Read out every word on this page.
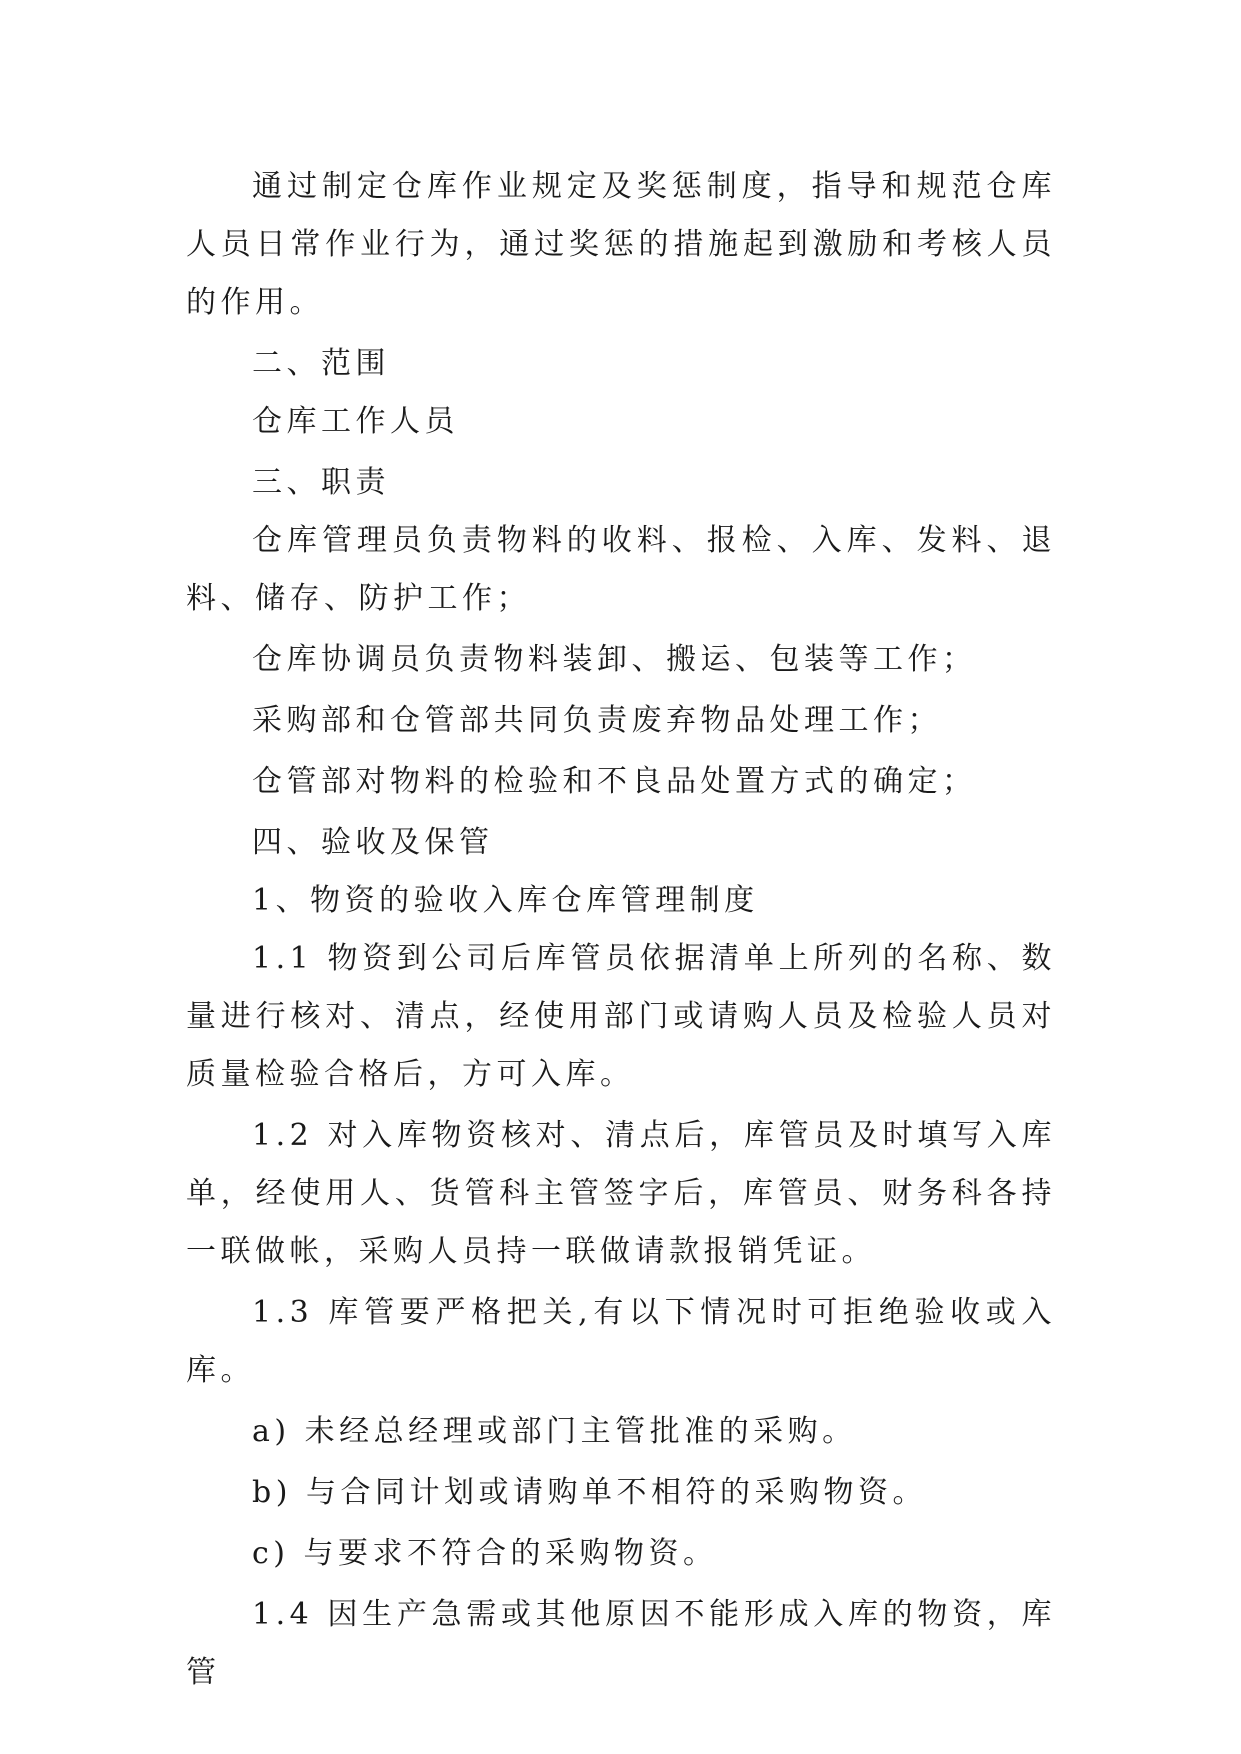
通过制定仓库作业规定及奖惩制度，指导和规范仓库人员日常作业行为，通过奖惩的措施起到激励和考核人员的作用。

二、范围

仓库工作人员

三、职责

仓库管理员负责物料的收料、报检、入库、发料、退料、储存、防护工作；

仓库协调员负责物料装卸、搬运、包装等工作；

采购部和仓管部共同负责废弃物品处理工作；

仓管部对物料的检验和不良品处置方式的确定；

四、验收及保管

1、物资的验收入库仓库管理制度

1.1 物资到公司后库管员依据清单上所列的名称、数量进行核对、清点，经使用部门或请购人员及检验人员对质量检验合格后，方可入库。

1.2 对入库物资核对、清点后，库管员及时填写入库单，经使用人、货管科主管签字后，库管员、财务科各持一联做帐，采购人员持一联做请款报销凭证。

1.3 库管要严格把关,有以下情况时可拒绝验收或入库。

a) 未经总经理或部门主管批准的采购。

b) 与合同计划或请购单不相符的采购物资。

c) 与要求不符合的采购物资。

1.4 因生产急需或其他原因不能形成入库的物资，库管
